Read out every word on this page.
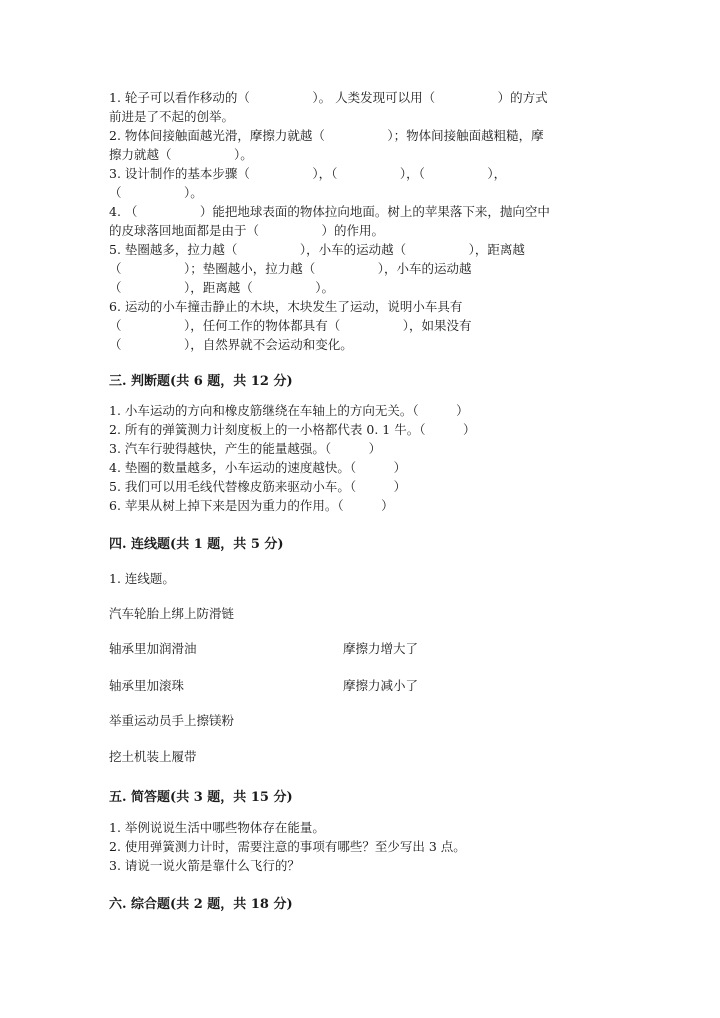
1. 轮子可以看作移动的（　　　　　）。 人类发现可以用（　　　　　）的方式
前进是了不起的创举。
2. 物体间接触面越光滑，摩擦力就越（　　　　　）；物体间接触面越粗糙，摩
擦力就越（　　　　　）。
3. 设计制作的基本步骤（　　　　　），（　　　　　），（　　　　　），
（　　　　　）。
4. （　　　　　）能把地球表面的物体拉向地面。树上的苹果落下来，抛向空中
的皮球落回地面都是由于（　　　　　）的作用。
5. 垫圈越多，拉力越（　　　　　），小车的运动越（　　　　　），距离越
（　　　　　）；垫圈越小，拉力越（　　　　　），小车的运动越
（　　　　　），距离越（　　　　　）。
6. 运动的小车撞击静止的木块，木块发生了运动，说明小车具有
（　　　　　），任何工作的物体都具有（　　　　　），如果没有
（　　　　　），自然界就不会运动和变化。
三. 判断题(共 6 题，共 12 分)
1. 小车运动的方向和橡皮筋继绕在车轴上的方向无关。（　　　）
2. 所有的弹簧测力计刻度板上的一小格都代表 0. 1 牛。（　　　）
3. 汽车行驶得越快，产生的能量越强。（　　　）
4. 垫圈的数量越多，小车运动的速度越快。（　　　）
5. 我们可以用毛线代替橡皮筋来驱动小车。（　　　）
6. 苹果从树上掉下来是因为重力的作用。（　　　）
四. 连线题(共 1 题，共 5 分)
1. 连线题。
汽车轮胎上绑上防滑链
轴承里加润滑油
轴承里加滚珠
举重运动员手上擦镁粉
挖土机装上履带
摩擦力增大了
摩擦力减小了
五. 简答题(共 3 题，共 15 分)
1. 举例说说生活中哪些物体存在能量。
2. 使用弹簧测力计时，需要注意的事项有哪些？至少写出 3 点。
3. 请说一说火箭是靠什么飞行的？
六. 综合题(共 2 题，共 18 分)
